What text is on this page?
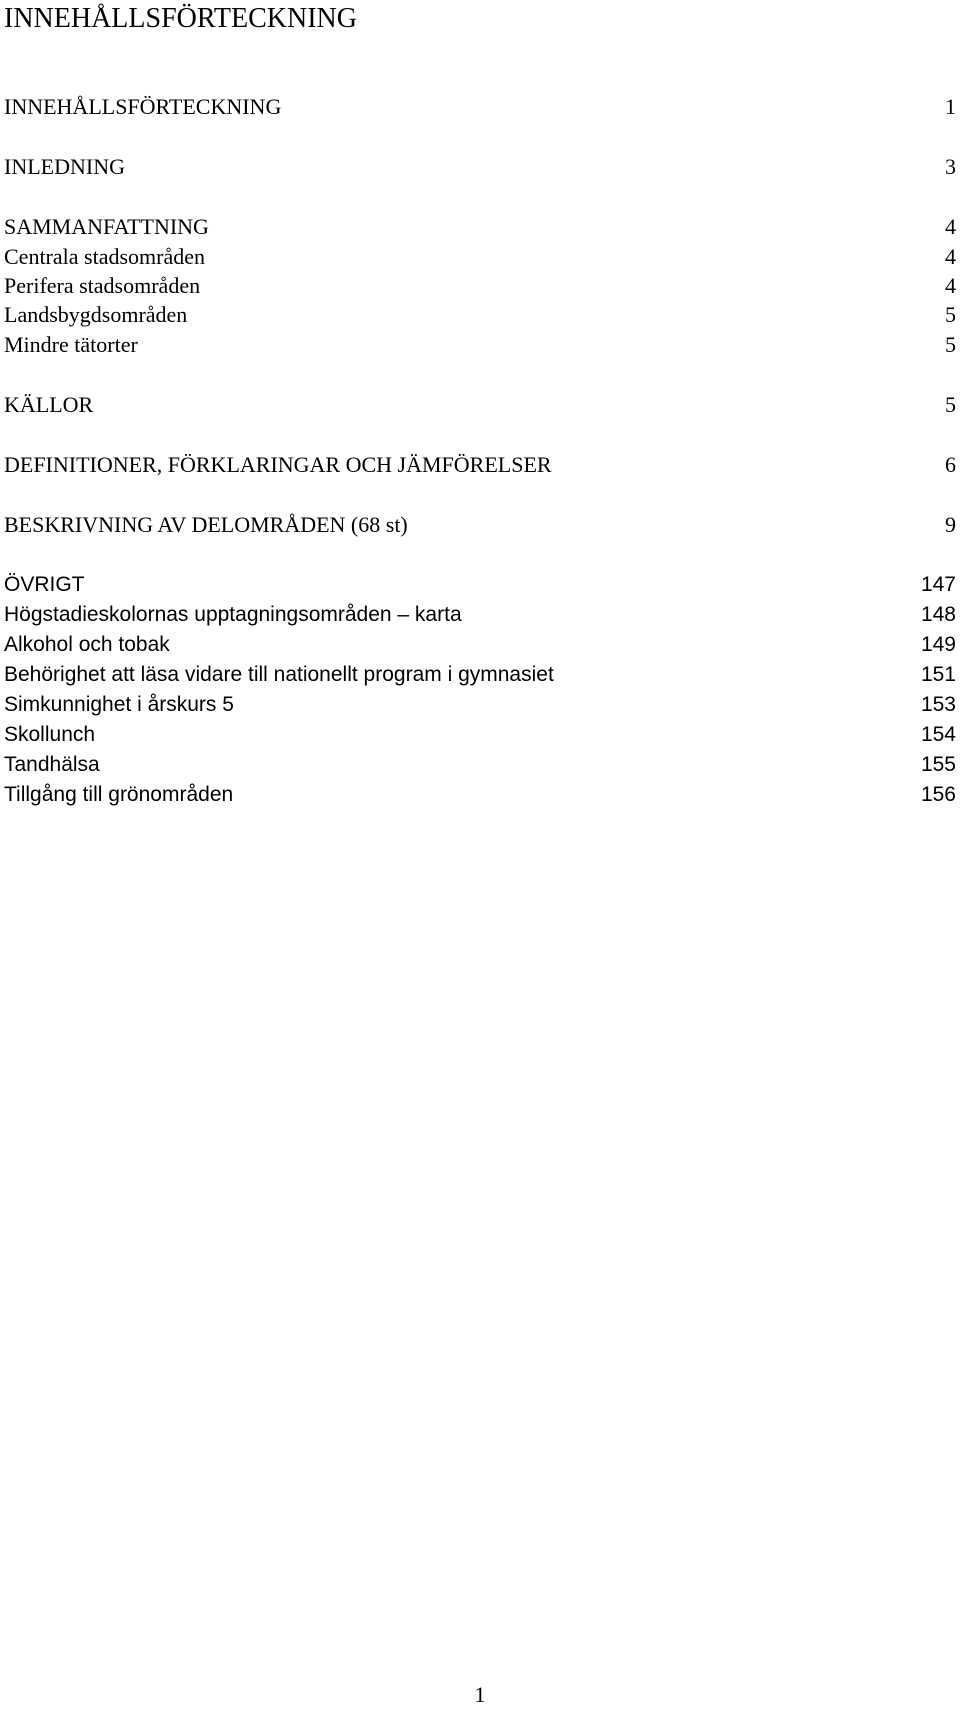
INNEHÅLLSFÖRTECKNING
INNEHÅLLSFÖRTECKNING	1
INLEDNING	3
SAMMANFATTNING	4
Centrala stadsområden	4
Perifera stadsområden	4
Landsbygdsområden	5
Mindre tätorter	5
KÄLLOR	5
DEFINITIONER, FÖRKLARINGAR OCH JÄMFÖRELSER	6
BESKRIVNING AV DELOMRÅDEN (68 st)	9
ÖVRIGT	147
Högstadieskolornas upptagningsområden – karta	148
Alkohol och tobak	149
Behörighet att läsa vidare till nationellt program i gymnasiet	151
Simkunnighet i årskurs 5	153
Skollunch	154
Tandhälsa	155
Tillgång till grönområden	156
1
